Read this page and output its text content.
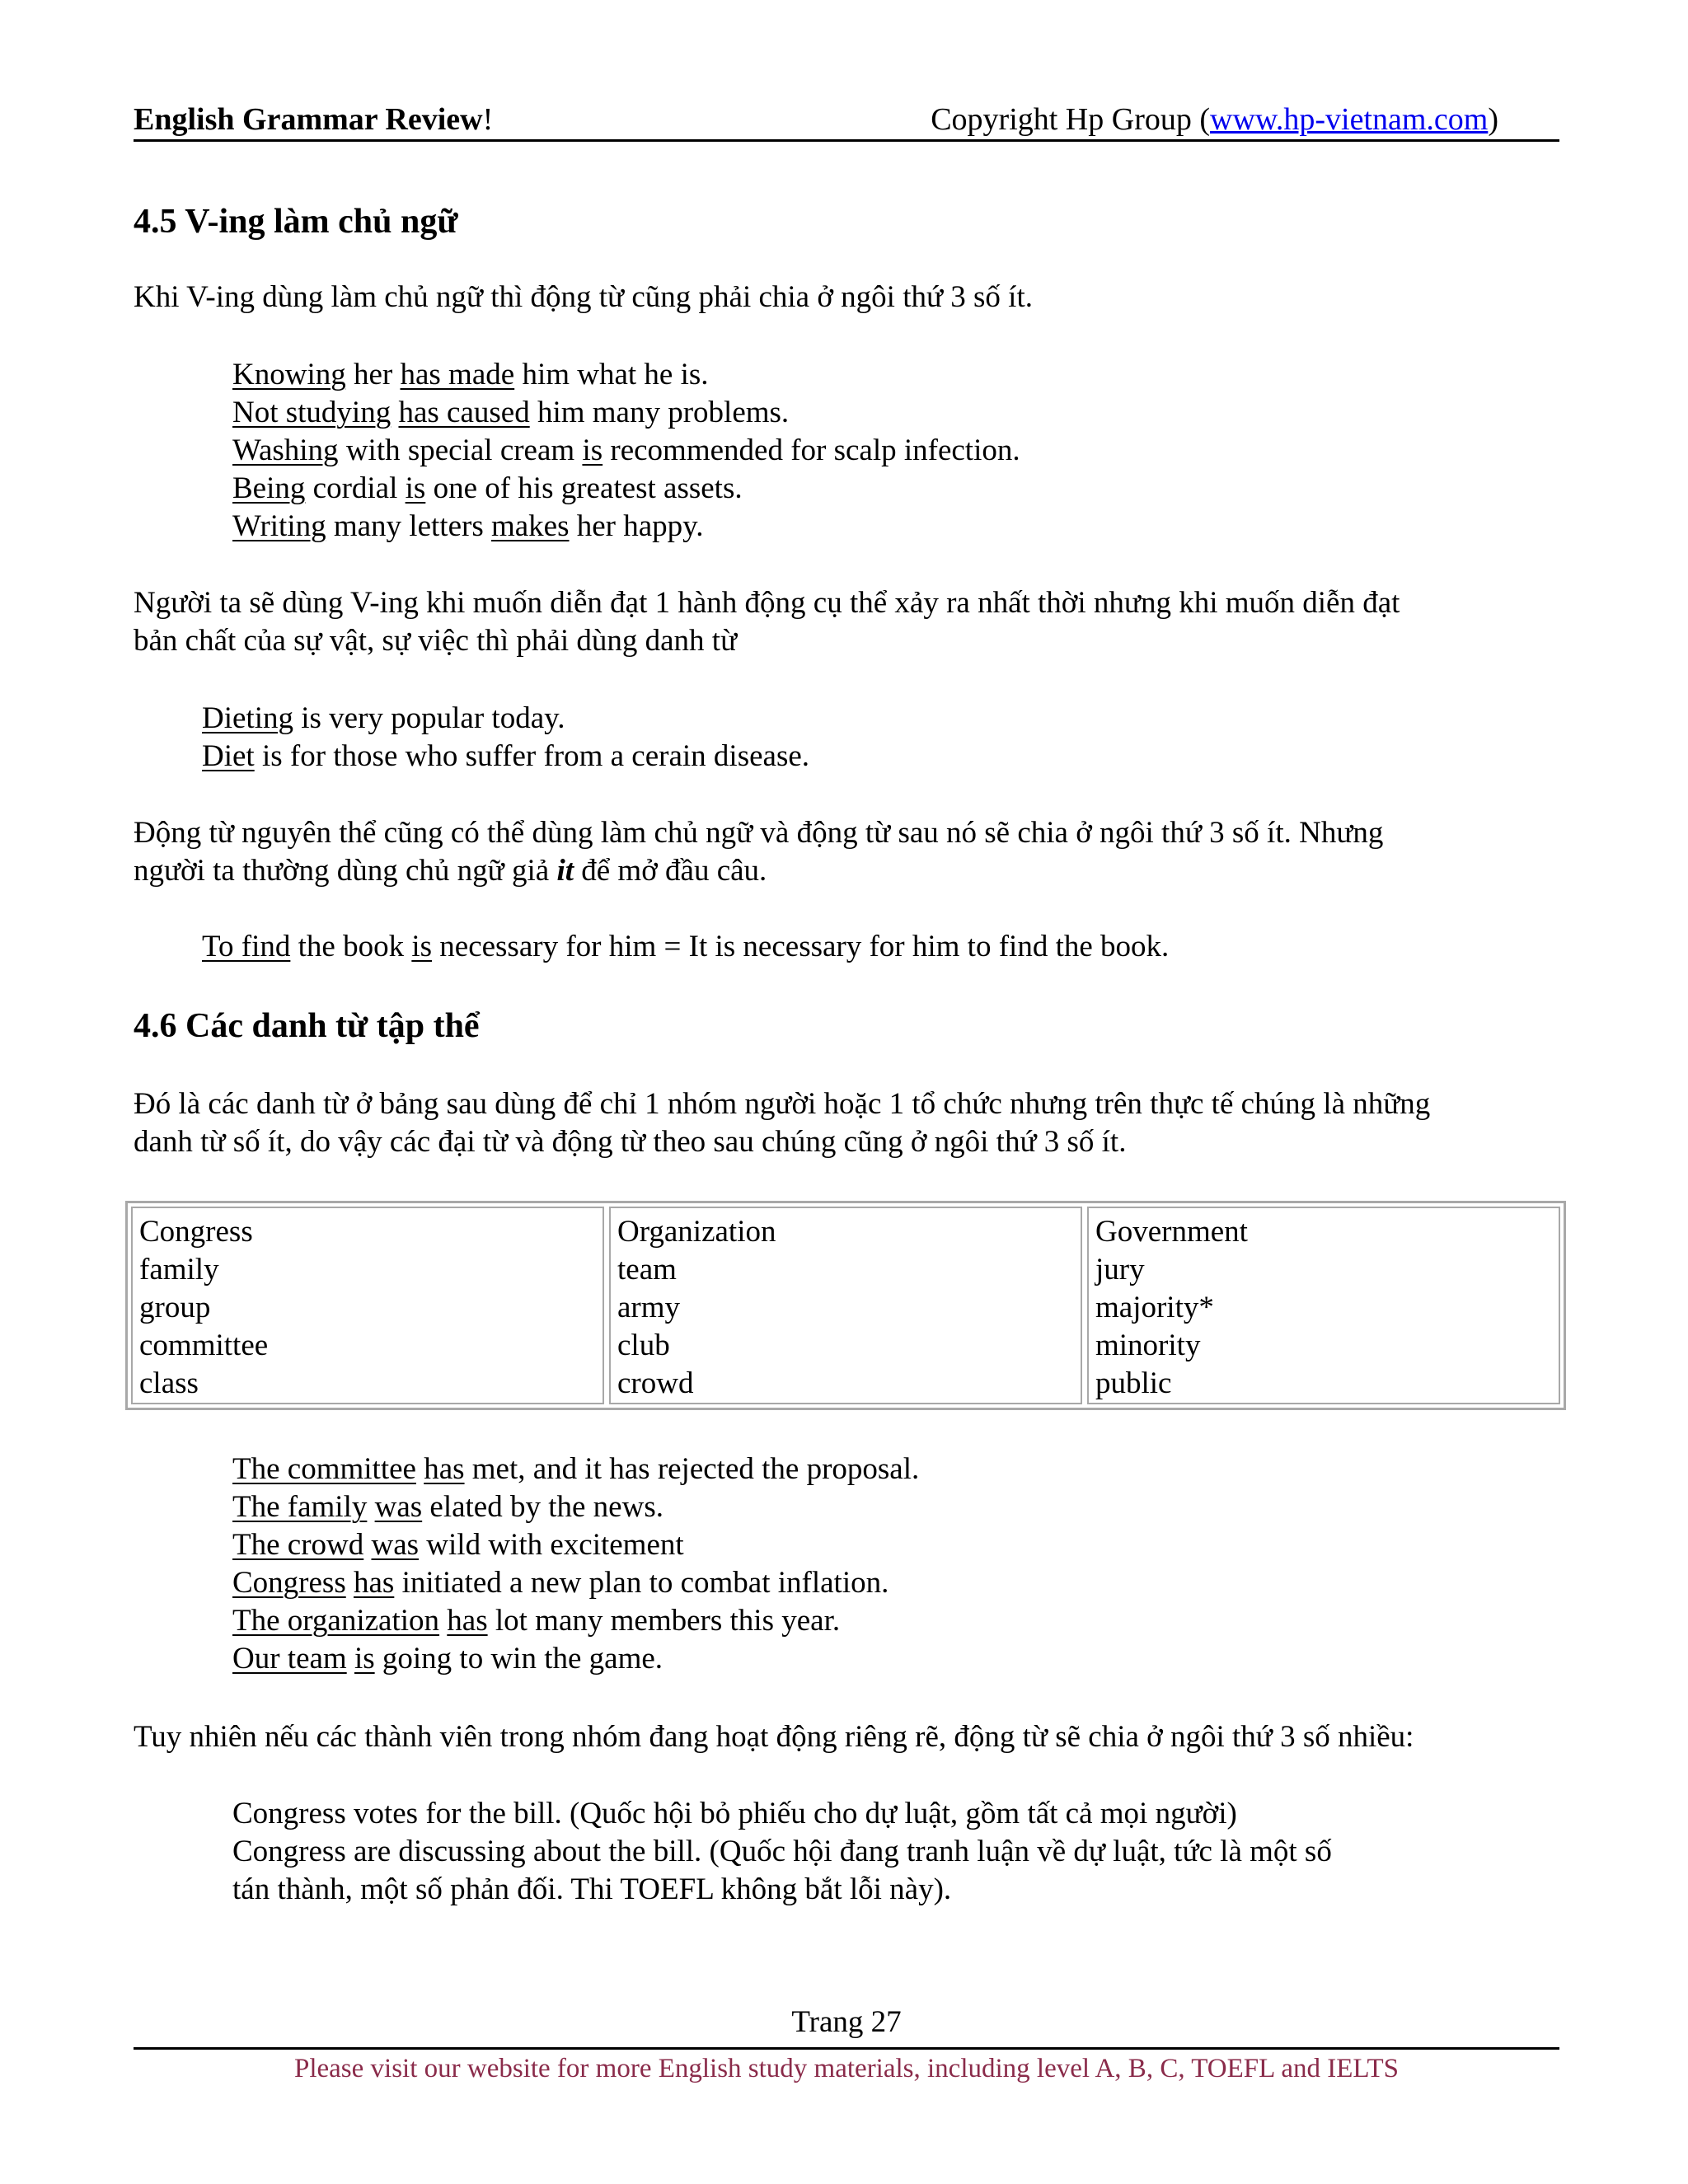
English Grammar Review!	Copyright Hp Group (www.hp-vietnam.com)
4.5 V-ing làm chủ ngữ
Khi V-ing dùng làm chủ ngữ thì động từ cũng phải chia ở ngôi thứ 3 số ít.
Knowing her has made him what he is.
Not studying has caused him many problems.
Washing with special cream is recommended for scalp infection.
Being cordial is one of his greatest assets.
Writing many letters makes her happy.
Người ta sẽ dùng V-ing khi muốn diễn đạt 1 hành động cụ thể xảy ra nhất thời nhưng khi muốn diễn đạt
bản chất của sự vật, sự việc thì phải dùng danh từ
Dieting is very popular today.
Diet is for those who suffer from a cerain disease.
Động từ nguyên thể cũng có thể dùng làm chủ ngữ và động từ sau nó sẽ chia ở ngôi thứ 3 số ít. Nhưng
người ta thường dùng chủ ngữ giả it để mở đầu câu.
To find the book is necessary for him = It is necessary for him to find the book.
4.6 Các danh từ tập thể
Đó là các danh từ ở bảng sau dùng để chỉ 1 nhóm người hoặc 1 tổ chức nhưng trên thực tế chúng là những
danh từ số ít, do vậy các đại từ và động từ theo sau chúng cũng ở ngôi thứ 3 số ít.
Congress
family
group
committee
class
Organization
team
army
club
crowd
Government
jury
majority*
minority
public
The committee has met, and it has rejected the proposal.
The family was elated by the news.
The crowd was wild with excitement
Congress has initiated a new plan to combat inflation.
The organization has lot many members this year.
Our team is going to win the game.
Tuy nhiên nếu các thành viên trong nhóm đang hoạt động riêng rẽ, động từ sẽ chia ở ngôi thứ 3 số nhiều:
Congress votes for the bill. (Quốc hội bỏ phiếu cho dự luật, gồm tất cả mọi người)
Congress are discussing about the bill. (Quốc hội đang tranh luận về dự luật, tức là một số
tán thành, một số phản đối. Thi TOEFL không bắt lỗi này).
Trang 27
Please visit our website for more English study materials, including level A, B, C, TOEFL and IELTS
